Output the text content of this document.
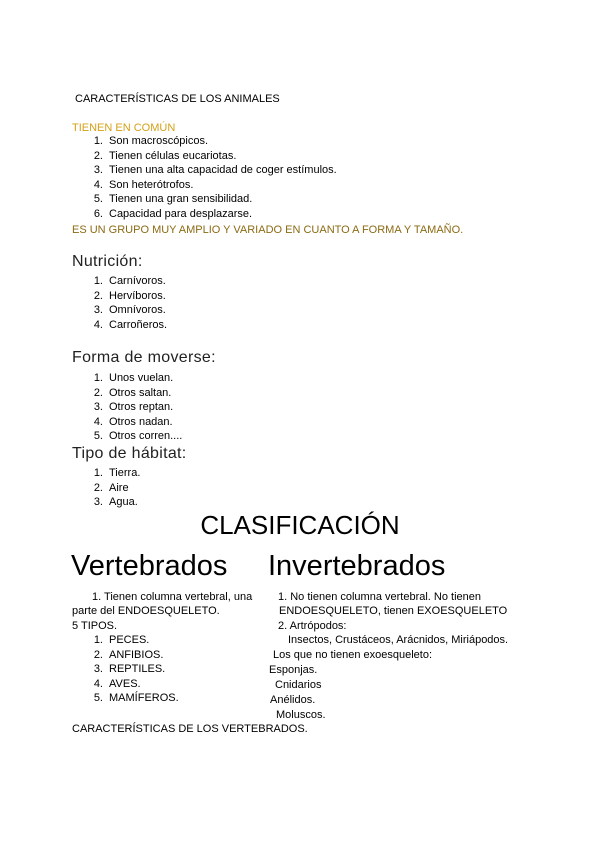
CARACTERÍSTICAS DE LOS ANIMALES
TIENEN EN COMÚN
1. Son macroscópicos.
2. Tienen células eucariotas.
3. Tienen una alta capacidad de coger estímulos.
4. Son heterótrofos.
5. Tienen una gran sensibilidad.
6. Capacidad para desplazarse.
ES UN GRUPO MUY AMPLIO Y VARIADO EN CUANTO A FORMA Y TAMAÑO.
Nutrición:
1. Carnívoros.
2. Hervíboros.
3. Omnívoros.
4. Carroñeros.
Forma de moverse:
1. Unos vuelan.
2. Otros saltan.
3. Otros reptan.
4. Otros nadan.
5. Otros corren....
Tipo de hábitat:
1. Tierra.
2. Aire
3. Agua.
CLASIFICACIÓN
Vertebrados Invertebrados
1. Tienen columna vertebral, una
parte del ENDOESQUELETO.
5 TIPOS.
1. PECES.
2. ANFIBIOS.
3. REPTILES.
4. AVES.
5. MAMÍFEROS.
CARACTERÍSTICAS DE LOS VERTEBRADOS.
1. No tienen columna vertebral. No tienen
ENDOESQUELETO, tienen EXOESQUELETO
2. Artrópodos:
Insectos, Crustáceos, Arácnidos, Miriápodos.
Los que no tienen exoesqueleto:
Esponjas.
Cnidarios
Anélidos.
Moluscos.
